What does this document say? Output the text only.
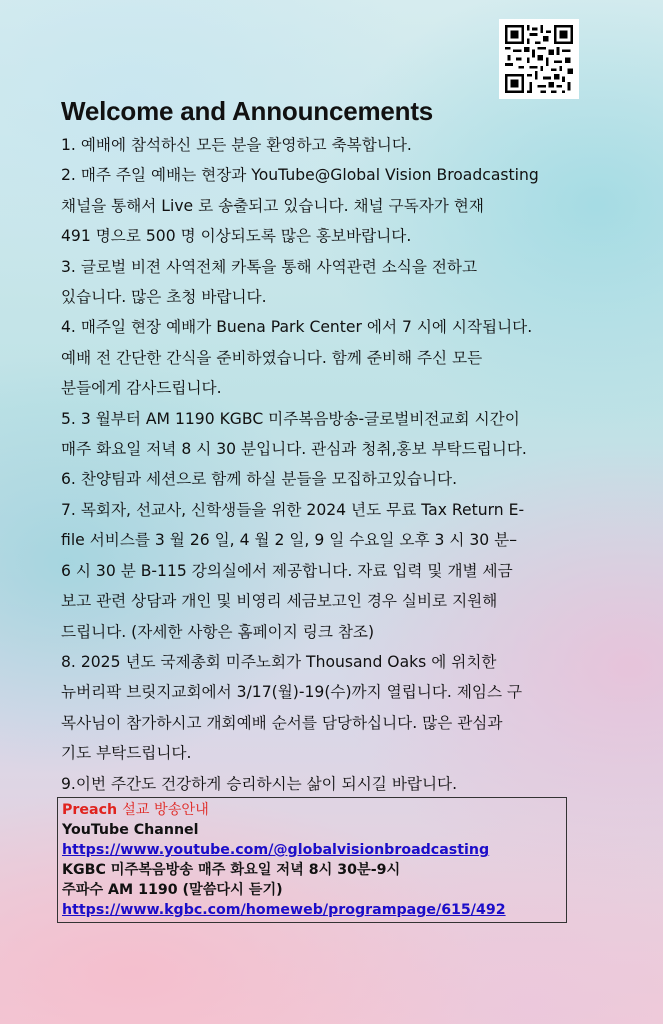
Welcome and Announcements

1. 예배에 참석하신 모든 분을 환영하고 축복합니다.

2. 매주 주일 예배는 현장과 YouTube@Global Vision Broadcasting

채널을 통해서 Live 로 송출되고 있습니다. 채널 구독자가 현재

491 명으로 500 명 이상되도록 많은 홍보바랍니다.

3. 글로벌 비젼 사역전체 카톡을 통해 사역관련 소식을 전하고

있습니다. 많은 초청 바랍니다.

4. 매주일 현장 예배가 Buena Park Center 에서 7 시에 시작됩니다.

예배 전 간단한 간식을 준비하였습니다. 함께 준비해 주신 모든

분들에게 감사드립니다.

5. 3 월부터 AM 1190 KGBC 미주복음방송-글로벌비전교회 시간이

매주 화요일 저녁 8 시 30 분입니다. 관심과 청취,홍보 부탁드립니다.

6. 찬양팀과 세션으로 함께 하실 분들을 모집하고있습니다.

7. 목회자, 선교사, 신학생들을 위한 2024 년도 무료 Tax Return E-

file 서비스를 3 월 26 일, 4 월 2 일, 9 일 수요일 오후 3 시 30 분–

6 시 30 분 B-115 강의실에서 제공합니다. 자료 입력 및 개별 세금

보고 관련 상담과 개인 및 비영리 세금보고인 경우 실비로 지원해

드립니다. (자세한 사항은 홈페이지 링크 참조)

8. 2025 년도 국제총회 미주노회가 Thousand Oaks 에 위치한

뉴버리팍 브릿지교회에서 3/17(월)-19(수)까지 열립니다. 제임스 구

목사님이 참가하시고 개회예배 순서를 담당하십니다. 많은 관심과

기도 부탁드립니다.

9.이번 주간도 건강하게 승리하시는 삶이 되시길 바랍니다.

Preach 설교 방송안내

YouTube Channel

https://www.youtube.com/@globalvisionbroadcasting

KGBC 미주복음방송 매주 화요일 저녁 8시 30분-9시

주파수 AM 1190 (말씀다시 듣기)

https://www.kgbc.com/homeweb/programpage/615/492
